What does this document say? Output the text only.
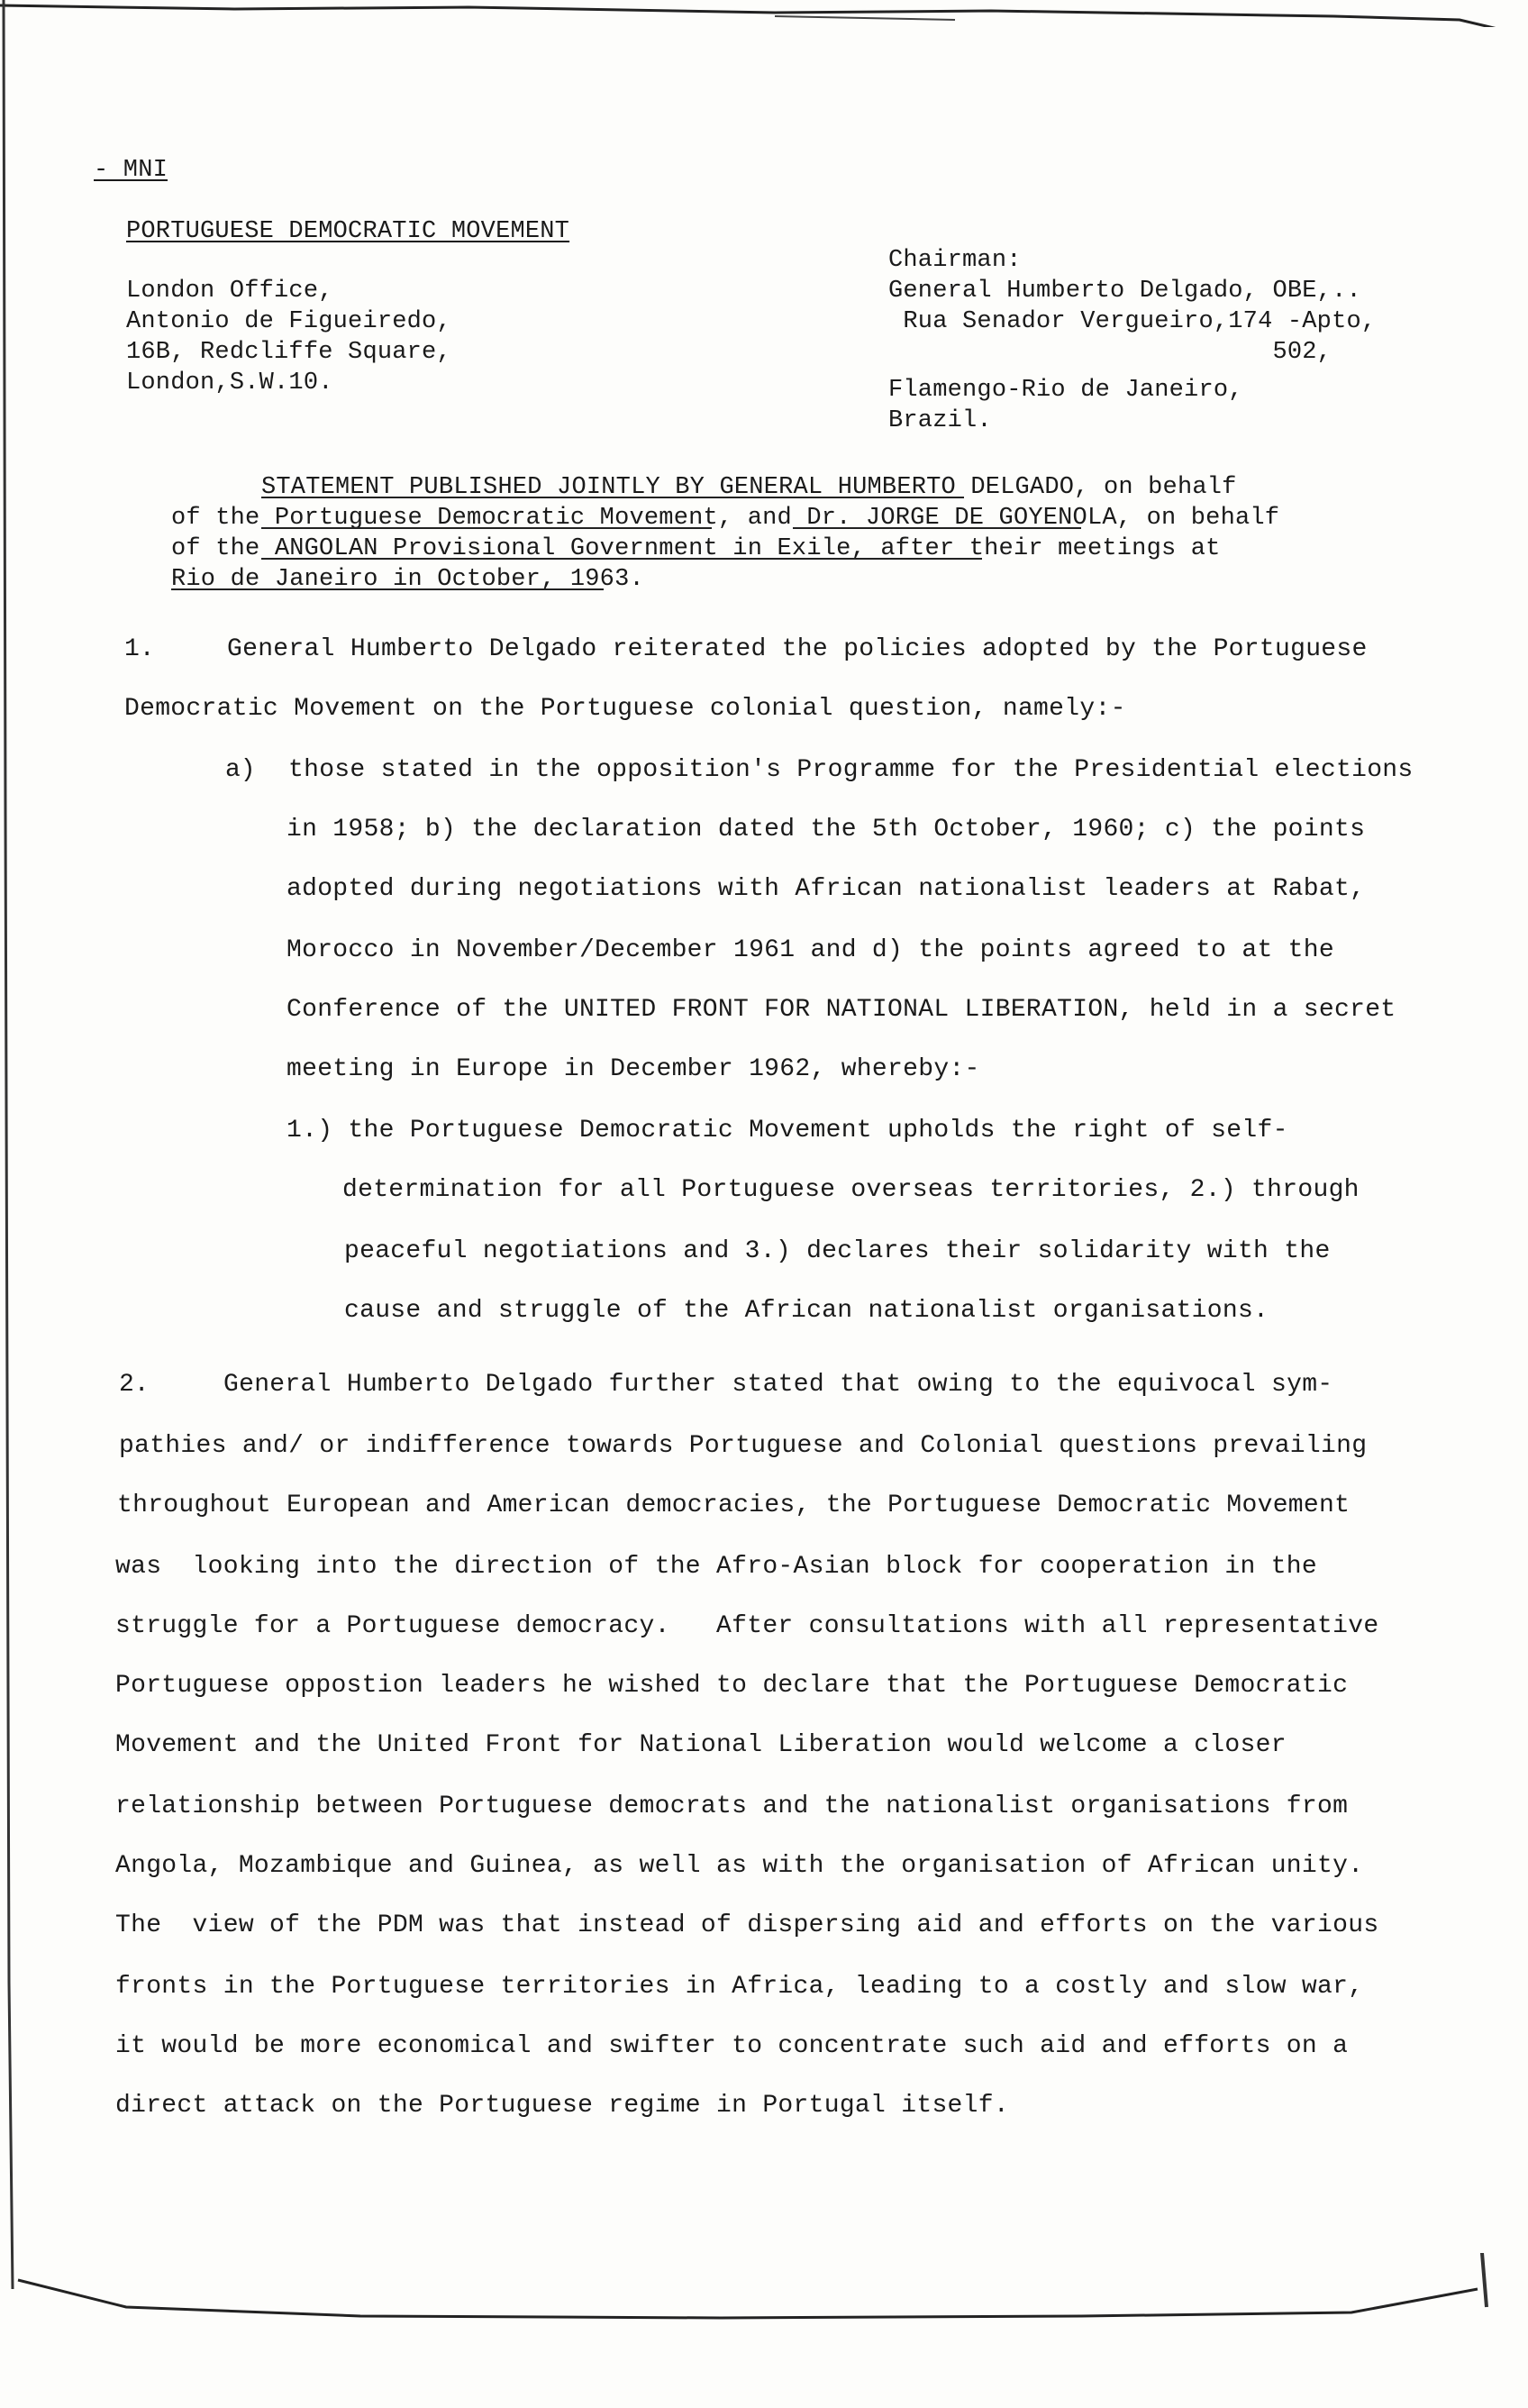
- MNI
PORTUGUESE DEMOCRATIC MOVEMENT
London Office,
Antonio de Figueiredo,
16B, Redcliffe Square,
London,S.W.10.
Chairman:
General Humberto Delgado, OBE,..
Rua Senador Vergueiro,174 -Apto,
502,
Flamengo-Rio de Janeiro,
Brazil.
STATEMENT PUBLISHED JOINTLY BY GENERAL HUMBERTO DELGADO, on behalf
of the Portuguese Democratic Movement, and Dr. JORGE DE GOYENOLA, on behalf
of the ANGOLAN Provisional Government in Exile, after their meetings at
Rio de Janeiro in October, 1963.
1.	General Humberto Delgado reiterated the policies adopted by the Portuguese
Democratic Movement on the Portuguese colonial question, namely:-
a) those stated in the opposition's Programme for the Presidential elections
in 1958; b) the declaration dated the 5th October, 1960; c) the points
adopted during negotiations with African nationalist leaders at Rabat,
Morocco in November/December 1961 and d) the points agreed to at the
Conference of the UNITED FRONT FOR NATIONAL LIBERATION, held in a secret
meeting in Europe in December 1962, whereby:-
1.) the Portuguese Democratic Movement upholds the right of self-
determination for all Portuguese overseas territories, 2.) through
peaceful negotiations and 3.) declares their solidarity with the
cause and struggle of the African nationalist organisations.
2.	General Humberto Delgado further stated that owing to the equivocal sym-
pathies and/ or indifference towards Portuguese and Colonial questions prevailing
throughout European and American democracies, the Portuguese Democratic Movement
was  looking into the direction of the Afro-Asian block for cooperation in the
struggle for a Portuguese democracy.   After consultations with all representative
Portuguese oppostion leaders he wished to declare that the Portuguese Democratic
Movement and the United Front for National Liberation would welcome a closer
relationship between Portuguese democrats and the nationalist organisations from
Angola, Mozambique and Guinea, as well as with the organisation of African unity.
The  view of the PDM was that instead of dispersing aid and efforts on the various
fronts in the Portuguese territories in Africa, leading to a costly and slow war,
it would be more economical and swifter to concentrate such aid and efforts on a
direct attack on the Portuguese regime in Portugal itself.
